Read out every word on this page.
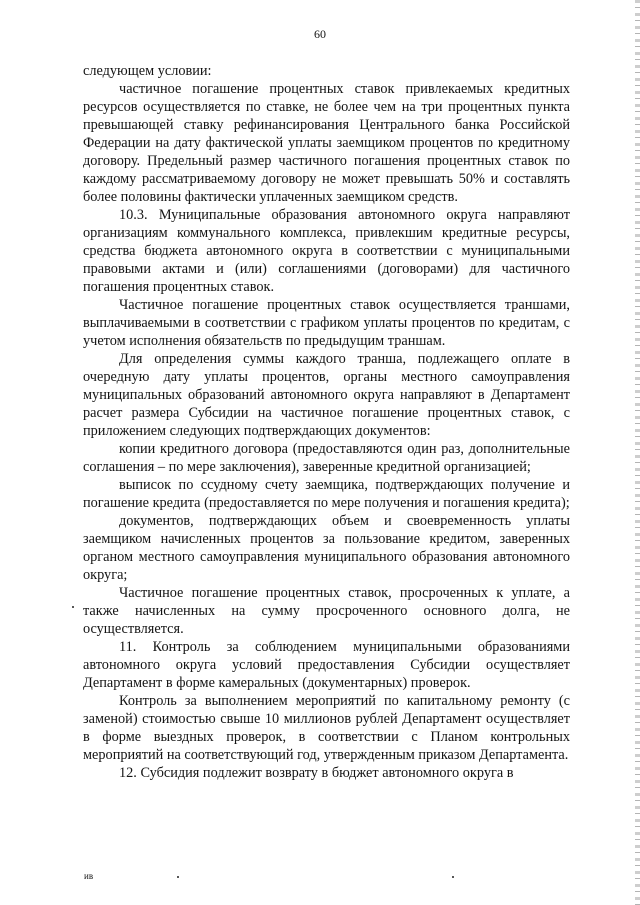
60

следующем условии:

частичное погашение процентных ставок привлекаемых кредитных ресурсов осуществляется по ставке, не более чем на три процентных пункта превышающей ставку рефинансирования Центрального банка Российской Федерации на дату фактической уплаты заемщиком процентов по кредитному договору. Предельный размер частичного погашения процентных ставок по каждому рассматриваемому договору не может превышать 50% и составлять более половины фактически уплаченных заемщиком средств.

10.3. Муниципальные образования автономного округа направляют организациям коммунального комплекса, привлекшим кредитные ресурсы, средства бюджета автономного округа в соответствии с муниципальными правовыми актами и (или) соглашениями (договорами) для частичного погашения процентных ставок.

Частичное погашение процентных ставок осуществляется траншами, выплачиваемыми в соответствии с графиком уплаты процентов по кредитам, с учетом исполнения обязательств по предыдущим траншам.

Для определения суммы каждого транша, подлежащего оплате в очередную дату уплаты процентов, органы местного самоуправления муниципальных образований автономного округа направляют в Департамент расчет размера Субсидии на частичное погашение процентных ставок, с приложением следующих подтверждающих документов:

копии кредитного договора (предоставляются один раз, дополнительные соглашения – по мере заключения), заверенные кредитной организацией;

выписок по ссудному счету заемщика, подтверждающих получение и погашение кредита (предоставляется по мере получения и погашения кредита);

документов, подтверждающих объем и своевременность уплаты заемщиком начисленных процентов за пользование кредитом, заверенных органом местного самоуправления муниципального образования автономного округа;

Частичное погашение процентных ставок, просроченных к уплате, а также начисленных на сумму просроченного основного долга, не осуществляется.

11. Контроль за соблюдением муниципальными образованиями автономного округа условий предоставления Субсидии осуществляет Департамент в форме камеральных (документарных) проверок.

Контроль за выполнением мероприятий по капитальному ремонту (с заменой) стоимостью свыше 10 миллионов рублей Департамент осуществляет в форме выездных проверок, в соответствии с Планом контрольных мероприятий на соответствующий год, утвержденным приказом Департамента.

12. Субсидия подлежит возврату в бюджет автономного округа в

ив
